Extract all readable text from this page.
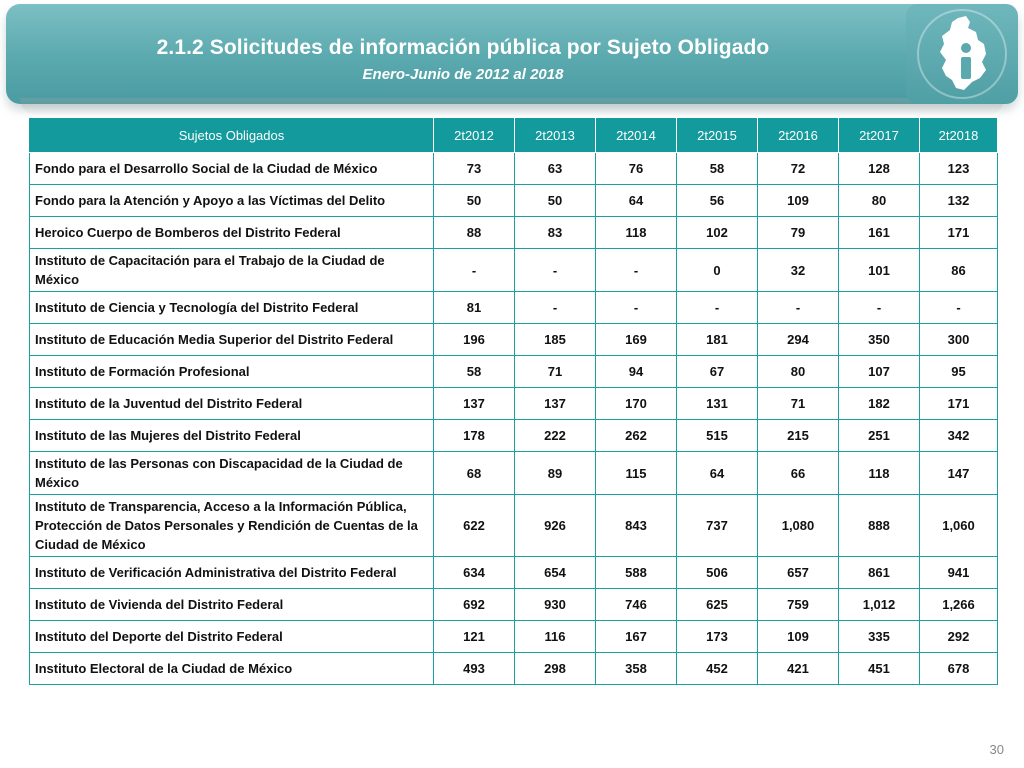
2.1.2 Solicitudes de información pública por Sujeto Obligado
Enero-Junio de 2012 al 2018
Sujetos Obligados	2t2012	2t2013	2t2014	2t2015	2t2016	2t2017	2t2018
Fondo para el Desarrollo Social de la Ciudad de México	73	63	76	58	72	128	123
Fondo para la Atención y Apoyo a las Víctimas del Delito	50	50	64	56	109	80	132
Heroico Cuerpo de Bomberos del Distrito Federal	88	83	118	102	79	161	171
Instituto de Capacitación para el Trabajo de la Ciudad de México	-	-	-	0	32	101	86
Instituto de Ciencia y Tecnología del Distrito Federal	81	-	-	-	-	-	-
Instituto de Educación Media Superior del Distrito Federal	196	185	169	181	294	350	300
Instituto de Formación Profesional	58	71	94	67	80	107	95
Instituto de la Juventud del Distrito Federal	137	137	170	131	71	182	171
Instituto de las Mujeres del Distrito Federal	178	222	262	515	215	251	342
Instituto de las Personas con Discapacidad de la Ciudad de México	68	89	115	64	66	118	147
Instituto de Transparencia, Acceso a la Información Pública, Protección de Datos Personales y Rendición de Cuentas de la Ciudad de México	622	926	843	737	1,080	888	1,060
Instituto de Verificación Administrativa del Distrito Federal	634	654	588	506	657	861	941
Instituto de Vivienda del Distrito Federal	692	930	746	625	759	1,012	1,266
Instituto del Deporte del Distrito Federal	121	116	167	173	109	335	292
Instituto Electoral de la Ciudad de México	493	298	358	452	421	451	678
30
